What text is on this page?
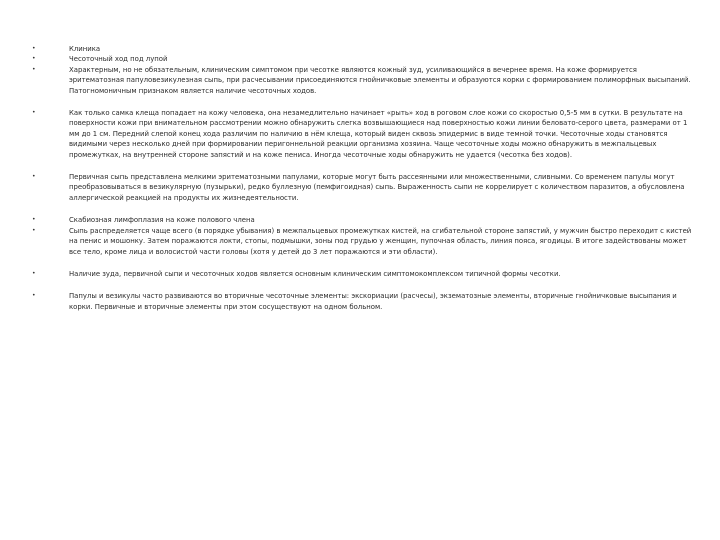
•	Клиника
•	Чесоточный ход под лупой
•	Характерным, но не обязательным, клиническим симптомом при чесотке являются кожный зуд, усиливающийся в вечернее время. На коже формируется эритематозная папуловезикулезная сыпь, при расчесывании присоединяются гнойничковые элементы и образуются корки с формированием полиморфных высыпаний. Патогномоничным признаком является наличие чесоточных ходов.
•	Как только самка клеща попадает на кожу человека, она незамедлительно начинает «рыть» ход в роговом слое кожи со скоростью 0,5-5 мм в сутки. В результате на поверхности кожи при внимательном рассмотрении можно обнаружить слегка возвышающиеся над поверхностью кожи линии беловато-серого цвета, размерами от 1 мм до 1 см. Передний слепой конец хода различим по наличию в нём клеща, который виден сквозь эпидермис в виде темной точки. Чесоточные ходы становятся видимыми через несколько дней при формировании перигоннельной реакции организма хозяина. Чаще чесоточные ходы можно обнаружить в межпальцевых промежутках, на внутренней стороне запястий и на коже пениса. Иногда чесоточные ходы обнаружить не удается (чесотка без ходов).
•	Первичная сыпь представлена мелкими эритематозными папулами, которые могут быть рассеянными или множественными, сливными. Со временем папулы могут преобразовываться в везикулярную (пузырьки), редко буллезную (пемфигоидная) сыпь. Выраженность сыпи не коррелирует с количеством паразитов, а обусловлена аллергической реакцией на продукты их жизнедеятельности.
•	Скабиозная лимфоплазия на коже полового члена
•	Сыпь распределяется чаще всего (в порядке убывания) в межпальцевых промежутках кистей, на сгибательной стороне запястий, у мужчин быстро переходит с кистей на пенис и мошонку. Затем поражаются локти, стопы, подмышки, зоны под грудью у женщин, пупочная область, линия пояса, ягодицы. В итоге задействованы может все тело, кроме лица и волосистой части головы (хотя у детей до 3 лет поражаются и эти области).
•	Наличие зуда, первичной сыпи и чесоточных ходов является основным клиническим симптомокомплексом типичной формы чесотки.
•	Папулы и везикулы часто развиваются во вторичные чесоточные элементы: экскориации (расчесы), экзематозные элементы, вторичные гнойничковые высыпания и корки. Первичные и вторичные элементы при этом сосуществуют на одном больном.
